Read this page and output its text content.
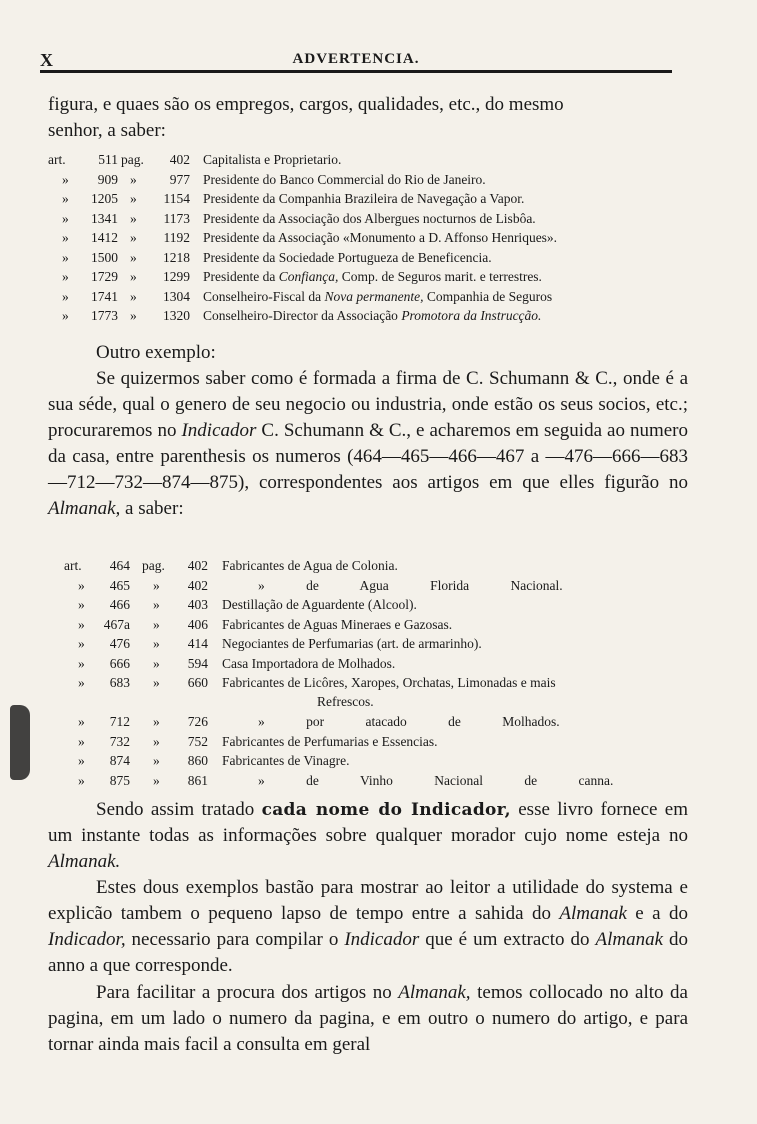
X	ADVERTENCIA.

figura, e quaes são os empregos, cargos, qualidades, etc., do mesmo
senhor, a saber:

art.	511 pag.	402 Capitalista e Proprietario.
»	909 »	977 Presidente do Banco Commercial do Rio de Janeiro.
»	1205 »	1154 Presidente da Companhia Brazileira de Navegação a Vapor.
»	1341 »	1173 Presidente da Associação dos Albergues nocturnos de Lisbôa.
»	1412 »	1192 Presidente da Associação «Monumento a D. Affonso Henriques».
»	1500 »	1218 Presidente da Sociedade Portugueza de Beneficencia.
»	1729 »	1299 Presidente da Confiança, Comp. de Seguros marit. e terrestres.
»	1741 »	1304 Conselheiro-Fiscal da Nova permanente, Companhia de Seguros
»	1773 »	1320 Conselheiro-Director da Associação Promotora da Instrucção.

Outro exemplo:

Se quizermos saber como é formada a firma de C. Schumann & C., onde é a sua séde, qual o genero de seu negocio ou industria, onde estão os seus socios, etc.; procuraremos no Indicador C. Schumann & C., e acharemos em seguida ao numero da casa, entre parenthesis os numeros (464—465—466—467 a —476—666—683—712—732—874—875), correspondentes aos artigos em que elles figurão no Almanak, a saber:

art.	464 pag.	402 Fabricantes de Agua de Colonia.
»	465 »	402	» de Agua Florida Nacional.
»	466 »	403 Destillação de Aguardente (Alcool).
»	467a »	406 Fabricantes de Aguas Mineraes e Gazosas.
»	476 »	414 Negociantes de Perfumarias (art. de armarinho).
»	666 »	594 Casa Importadora de Molhados.
»	683 »	660 Fabricantes de Licôres, Xaropes, Orchatas, Limonadas e mais
Refrescos.
»	712 »	726	» por atacado de Molhados.
»	732 »	752 Fabricantes de Perfumarias e Essencias.
»	874 »	860 Fabricantes de Vinagre.
»	875 »	861	» de Vinho Nacional de canna.

Sendo assim tratado cada nome do Indicador, esse livro fornece em um instante todas as informações sobre qualquer morador cujo nome esteja no Almanak.

Estes dous exemplos bastão para mostrar ao leitor a utilidade do systema e explicão tambem o pequeno lapso de tempo entre a sahida do Almanak e a do Indicador, necessario para compilar o Indicador que é um extracto do Almanak do anno a que corresponde.

Para facilitar a procura dos artigos no Almanak, temos collocado no alto da pagina, em um lado o numero da pagina, e em outro o numero do artigo, e para tornar ainda mais facil a consulta em geral
